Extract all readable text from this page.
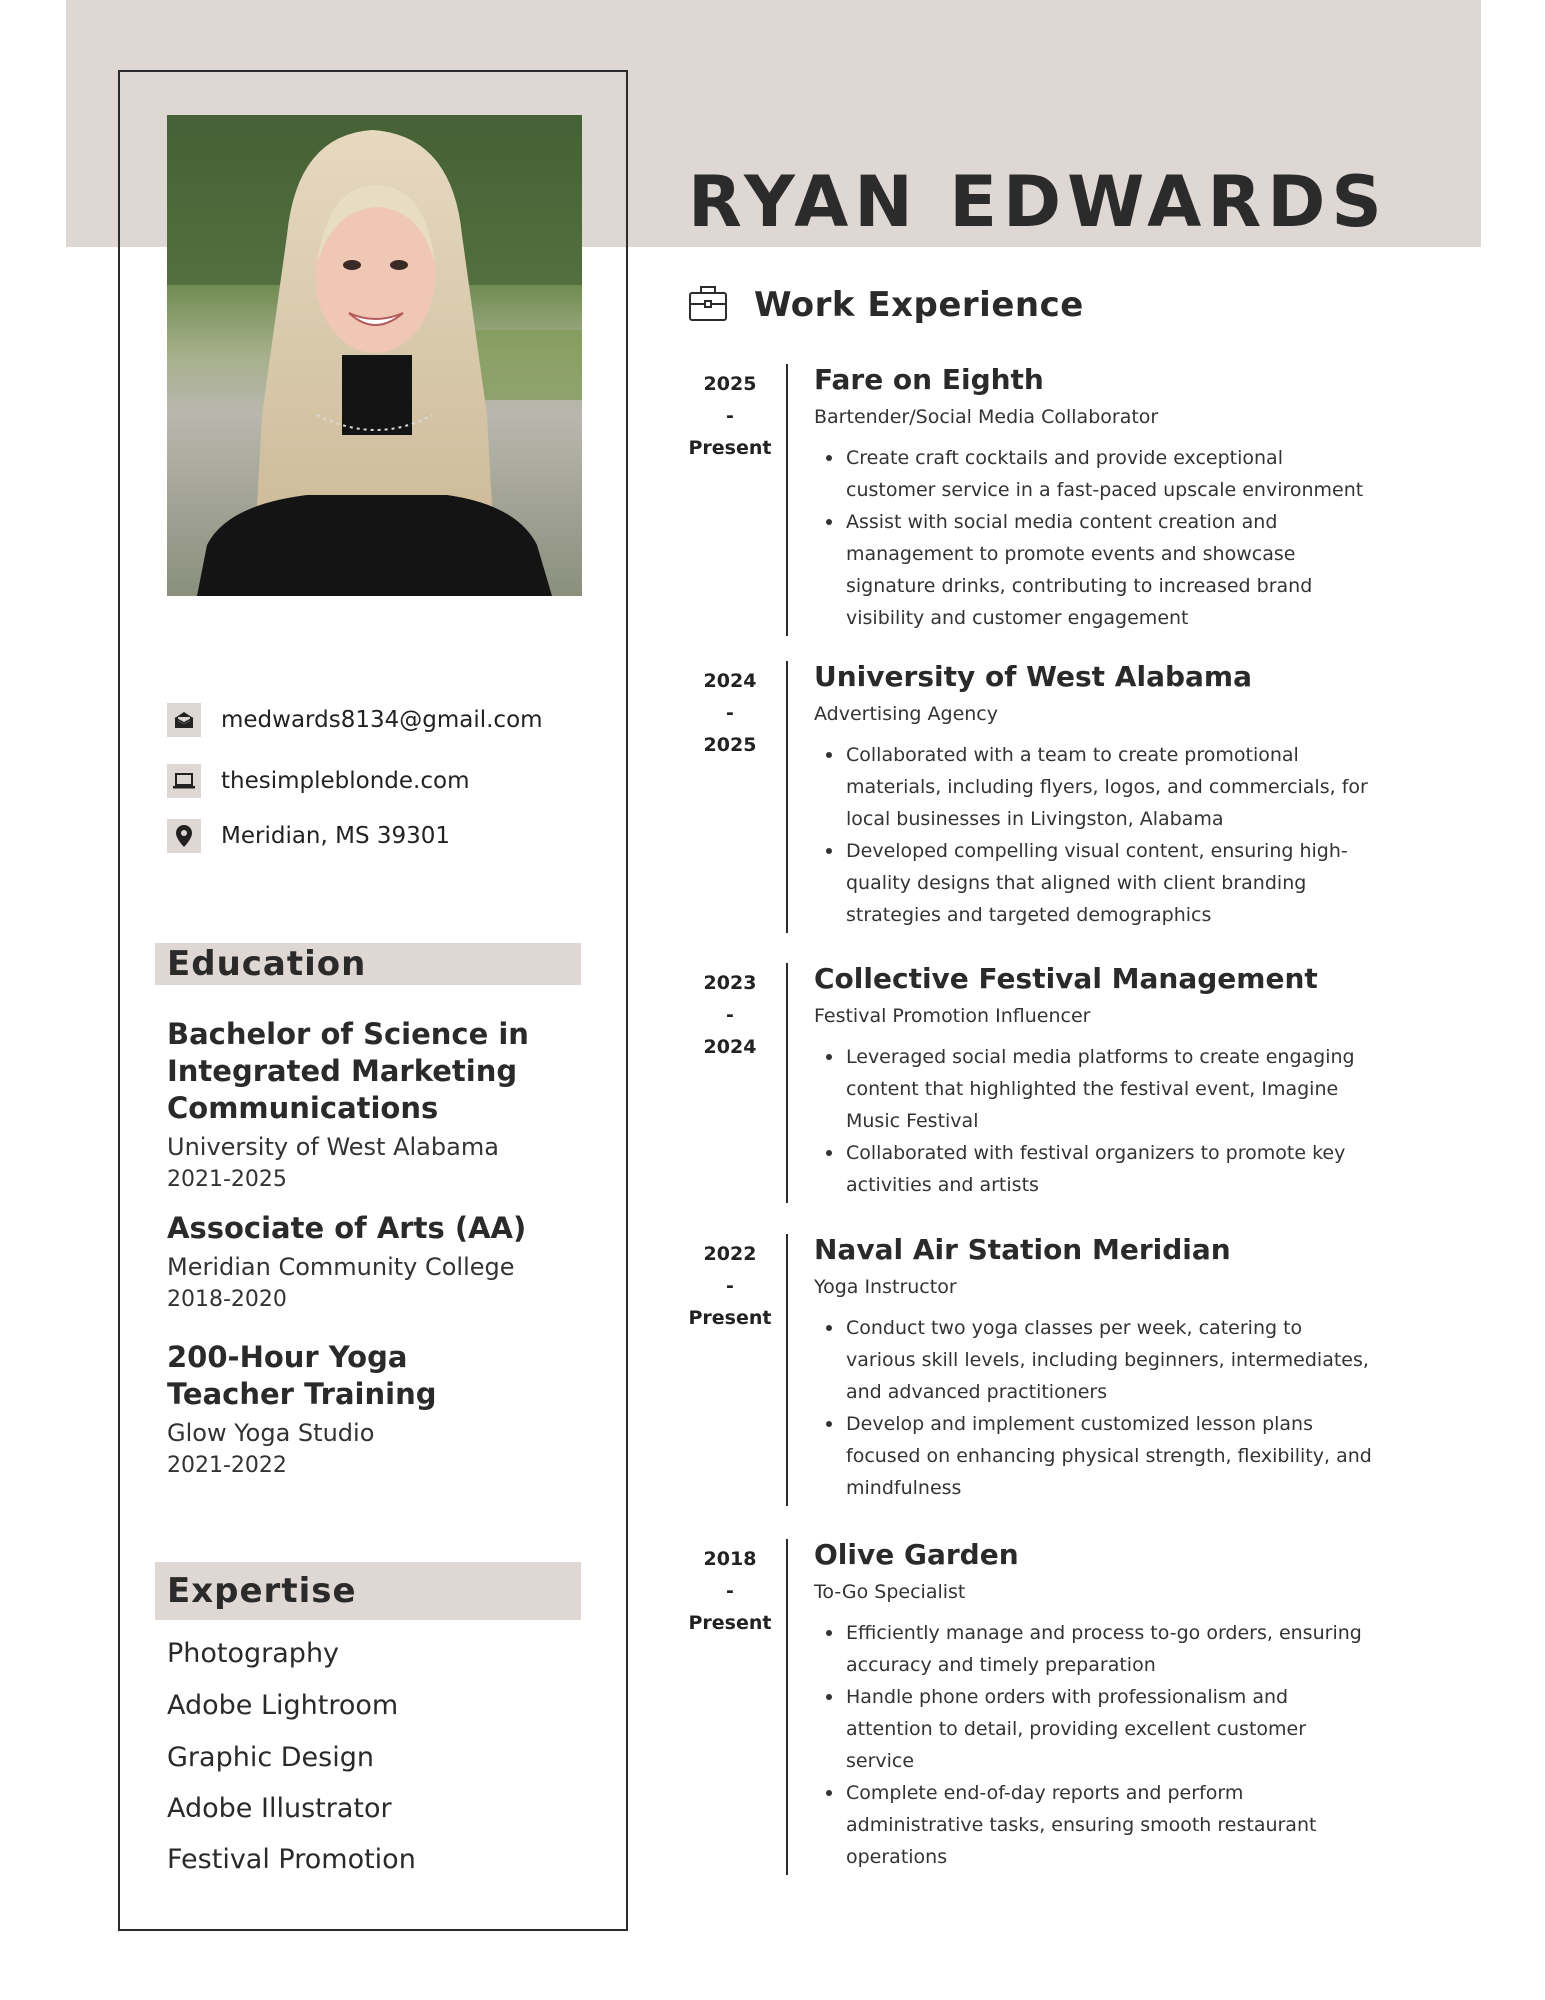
medwards8134@gmail.com
thesimpleblonde.com
Meridian, MS 39301
Education
Bachelor of Science in Integrated Marketing Communications
University of West Alabama
2021-2025
Associate of Arts (AA)
Meridian Community College
2018-2020
200-Hour Yoga Teacher Training
Glow Yoga Studio
2021-2022
Expertise
Photography
Adobe Lightroom
Graphic Design
Adobe Illustrator
Festival Promotion
RYAN EDWARDS
Work Experience
2025
-
Present
Fare on Eighth
Bartender/Social Media Collaborator
Create craft cocktails and provide exceptional customer service in a fast-paced upscale environment
Assist with social media content creation and management to promote events and showcase signature drinks, contributing to increased brand visibility and customer engagement
2024
-
2025
University of West Alabama
Advertising Agency
Collaborated with a team to create promotional materials, including flyers, logos, and commercials, for local businesses in Livingston, Alabama
Developed compelling visual content, ensuring high-quality designs that aligned with client branding strategies and targeted demographics
2023
-
2024
Collective Festival Management
Festival Promotion Influencer
Leveraged social media platforms to create engaging content that highlighted the festival event, Imagine Music Festival
Collaborated with festival organizers to promote key activities and artists
2022
-
Present
Naval Air Station Meridian
Yoga Instructor
Conduct two yoga classes per week, catering to various skill levels, including beginners, intermediates, and advanced practitioners
Develop and implement customized lesson plans focused on enhancing physical strength, flexibility, and mindfulness
2018
-
Present
Olive Garden
To-Go Specialist
Efficiently manage and process to-go orders, ensuring accuracy and timely preparation
Handle phone orders with professionalism and attention to detail, providing excellent customer service
Complete end-of-day reports and perform administrative tasks, ensuring smooth restaurant operations
